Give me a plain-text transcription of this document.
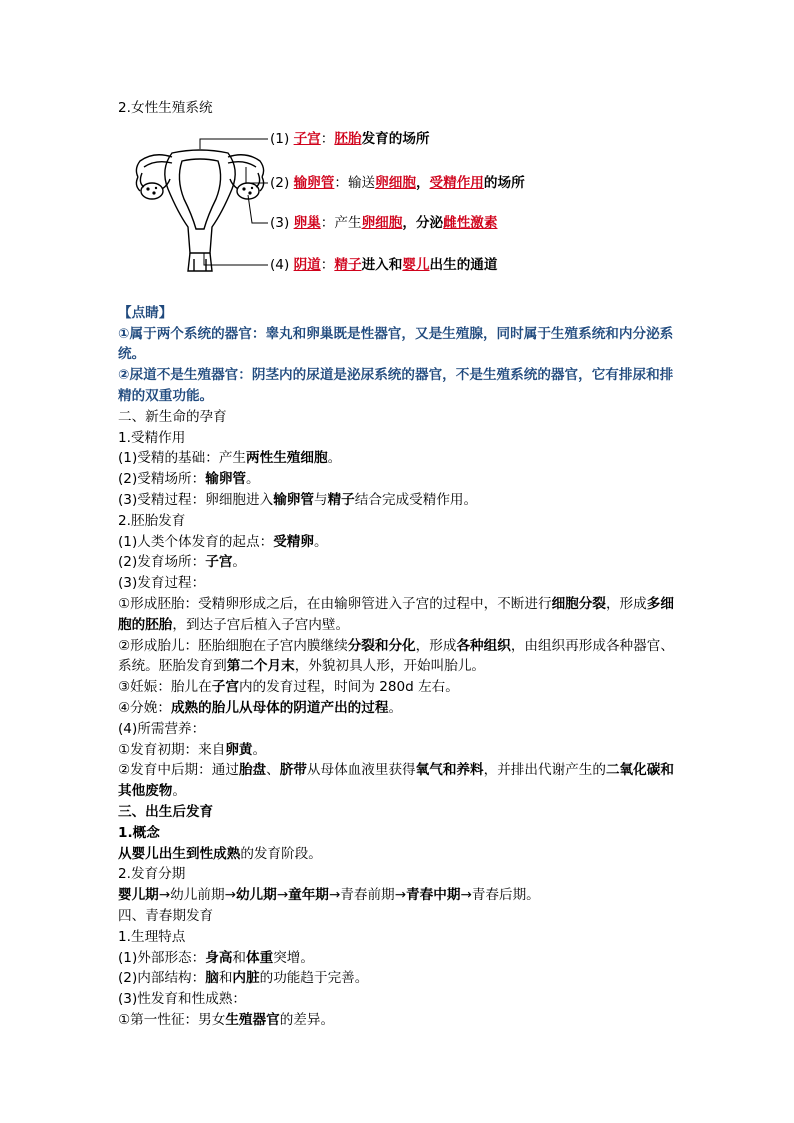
2.女性生殖系统
(1) 子宫：胚胎发育的场所
(2) 输卵管：输送卵细胞，受精作用的场所
(3) 卵巢：产生卵细胞，分泌雌性激素
(4) 阴道：精子进入和婴儿出生的通道
【点睛】
①属于两个系统的器官：睾丸和卵巢既是性器官，又是生殖腺，同时属于生殖系统和内分泌系统。
②尿道不是生殖器官：阴茎内的尿道是泌尿系统的器官，不是生殖系统的器官，它有排尿和排精的双重功能。
二、新生命的孕育
1.受精作用
(1)受精的基础：产生两性生殖细胞。
(2)受精场所：输卵管。
(3)受精过程：卵细胞进入输卵管与精子结合完成受精作用。
2.胚胎发育
(1)人类个体发育的起点：受精卵。
(2)发育场所：子宫。
(3)发育过程：
①形成胚胎：受精卵形成之后，在由输卵管进入子宫的过程中，不断进行细胞分裂，形成多细胞的胚胎，到达子宫后植入子宫内壁。
②形成胎儿：胚胎细胞在子宫内膜继续分裂和分化，形成各种组织，由组织再形成各种器官、系统。胚胎发育到第二个月末，外貌初具人形，开始叫胎儿。
③妊娠：胎儿在子宫内的发育过程，时间为 280d 左右。
④分娩：成熟的胎儿从母体的阴道产出的过程。
(4)所需营养：
①发育初期：来自卵黄。
②发育中后期：通过胎盘、脐带从母体血液里获得氧气和养料，并排出代谢产生的二氧化碳和其他废物。
三、出生后发育
1.概念
从婴儿出生到性成熟的发育阶段。
2.发育分期
婴儿期→幼儿前期→幼儿期→童年期→青春前期→青春中期→青春后期。
四、青春期发育
1.生理特点
(1)外部形态：身高和体重突增。
(2)内部结构：脑和内脏的功能趋于完善。
(3)性发育和性成熟：
①第一性征：男女生殖器官的差异。
